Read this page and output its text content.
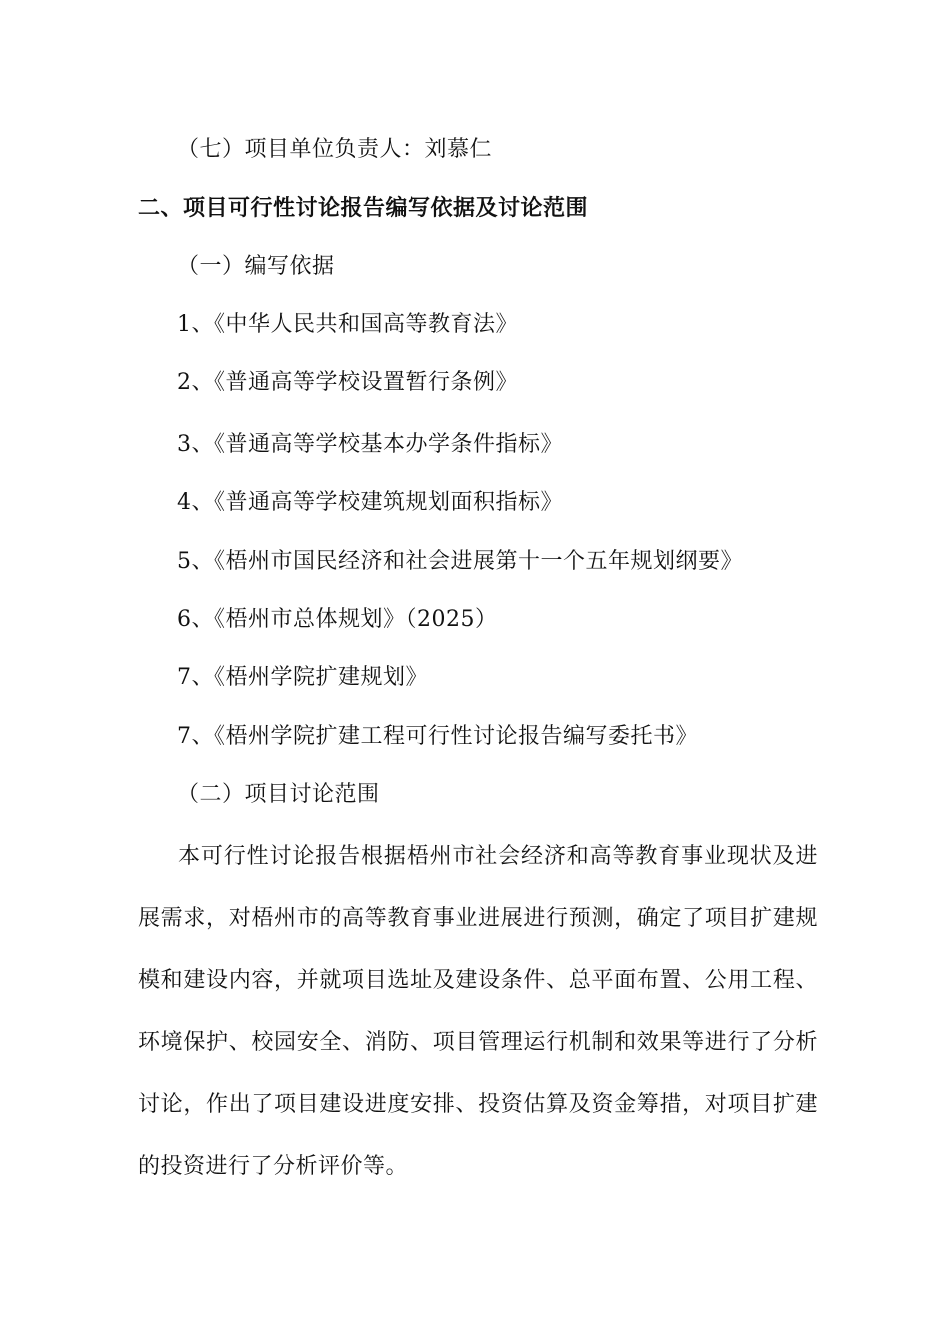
（七）项目单位负责人：刘慕仁
二、项目可行性讨论报告编写依据及讨论范围
（一）编写依据
1、《中华人民共和国高等教育法》
2、《普通高等学校设置暂行条例》
3、《普通高等学校基本办学条件指标》
4、《普通高等学校建筑规划面积指标》
5、《梧州市国民经济和社会进展第十一个五年规划纲要》
6、《梧州市总体规划》（2025）
7、《梧州学院扩建规划》
7、《梧州学院扩建工程可行性讨论报告编写委托书》
（二）项目讨论范围
本可行性讨论报告根据梧州市社会经济和高等教育事业现状及进
展需求，对梧州市的高等教育事业进展进行预测，确定了项目扩建规
模和建设内容，并就项目选址及建设条件、总平面布置、公用工程、
环境保护、校园安全、消防、项目管理运行机制和效果等进行了分析
讨论，作出了项目建设进度安排、投资估算及资金筹措，对项目扩建
的投资进行了分析评价等。
